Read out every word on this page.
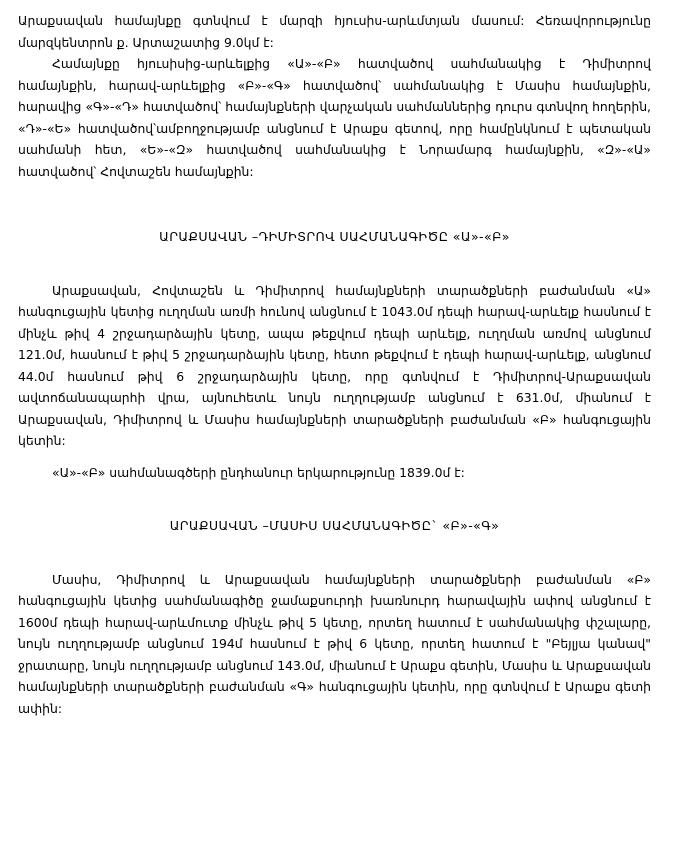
Արաքսավան համայնքը գտնվում է մարզի հյուսիս-արևմտյան մասում: Հեռավորությունը մարզկենտրոն ք. Արտաշատից 9.0կմ է:

Համայնքը հյուսիսից-արևելքից «Ա»-«Բ» հատվածով սահմանակից է Դիմիտրով համայնքին, հարավ-արևելքից «Բ»-«Գ» հատվածով՝ սահմանակից է Մասիս համայնքին, հարավից «Գ»-«Դ» հատվածով՝ համայնքների վարչական սահմաններից դուրս գտնվող հողերին, «Դ»-«Ե» հատվածով՝ամբողջությամբ անցնում է Արաքս գետով, որը համընկնում է պետական սահմանի հետ, «Ե»-«Զ» հատվածով սահմանակից է Նորամարգ համայնքին, «Զ»-«Ա» հատվածով՝ Հովտաշեն համայնքին:

ԱՐԱՔՍԱՎԱՆ –ԴԻՄԻՏՐՈՎ ՍԱՀՄԱՆԱԳԻԾԸ «Ա»-«Բ»

Արաքսավան, Հովտաշեն և Դիմիտրով համայնքների տարածքների բաժանման «Ա» հանգուցային կետից ուղղման առմի հունով անցնում է 1043.0մ դեպի հարավ-արևելք հասնում է մինչև թիվ 4 շրջադարձային կետը, ապա թեքվում դեպի արևելք, ուղղման առմով անցնում 121.0մ, հասնում է թիվ 5 շրջադարձային կետը, հետո թեքվում է դեպի հարավ-արևելք, անցնում 44.0մ հասնում թիվ 6 շրջադարձային կետը, որը գտնվում է Դիմիտրով-Արաքսավան ավտոճանապարհի վրա, այնուհետև նույն ուղղությամբ անցնում է 631.0մ, միանում է Արաքսավան, Դիմիտրով և Մասիս համայնքների տարածքների բաժանման «Բ» հանգուցային կետին:

«Ա»-«Բ» սահմանագծերի ընդհանուր երկարությունը 1839.0մ է:

ԱՐԱՔՍԱՎԱՆ –ՄԱՍԻՍ ՍԱՀՄԱՆԱԳԻԾԸ` «Բ»-«Գ»

Մասիս, Դիմիտրով և Արաքսավան համայնքների տարածքների բաժանման «Բ» հանգուցային կետից սահմանագիծը ջամաքսուրդի խառնուրդ հարավային ափով անցնում է 1600մ դեպի հարավ-արևմուտք մինչև թիվ 5 կետը, որտեղ հատում է սահմանակից փշալարը, նույն ուղղությամբ անցնում 194մ հասնում է թիվ 6 կետը, որտեղ հատում է "Բեյլյա կանավ" ջրատարը, նույն ուղղությամբ անցնում 143.0մ, միանում է Արաքս գետին, Մասիս և Արաքսավան համայնքների տարածքների բաժանման «Գ» հանգուցային կետին, որը գտնվում է Արաքս գետի ափին:
